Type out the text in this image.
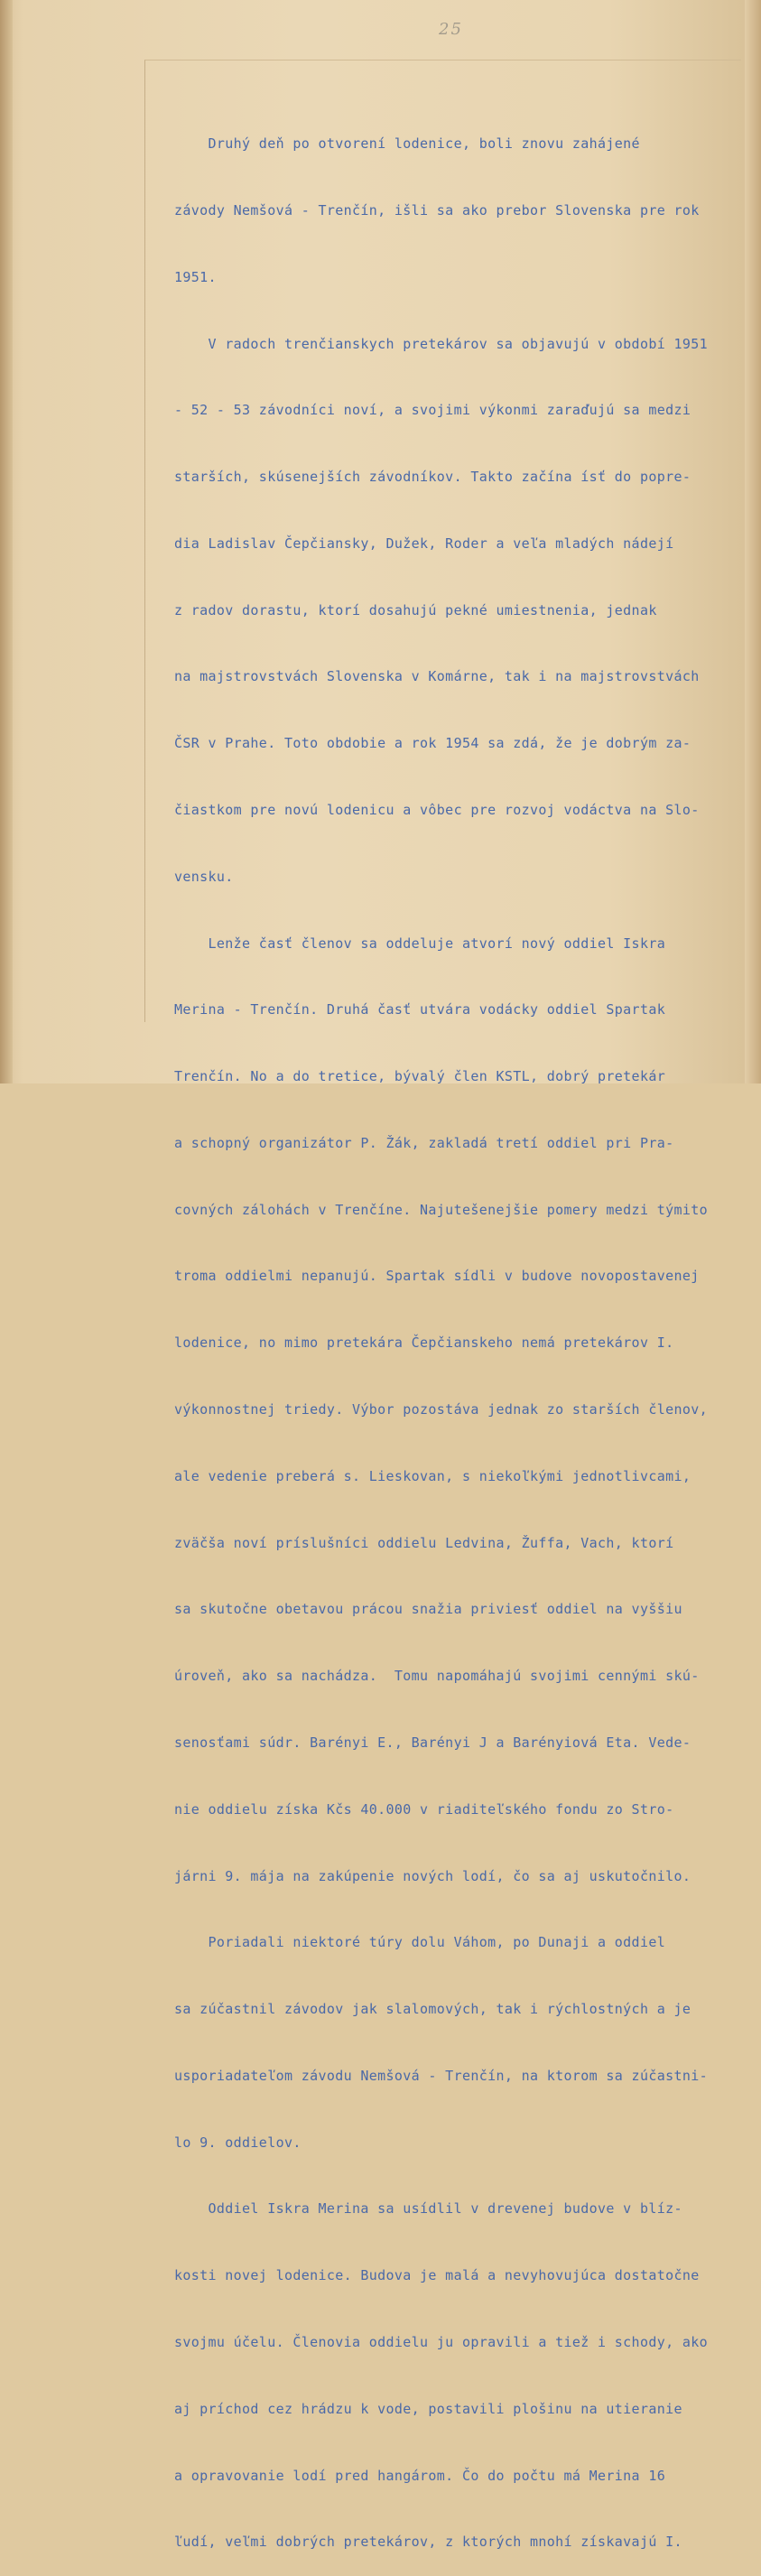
25

Druhý deň po otvorení lodenice, boli znovu zahájené

závody Nemšová - Trenčín, išli sa ako prebor Slovenska pre rok

1951.

V radoch trenčianskych pretekárov sa objavujú v období 1951

- 52 - 53 závodníci noví, a svojimi výkonmi zaraďujú sa medzi

starších, skúsenejších závodníkov. Takto začína ísť do popre-

dia Ladislav Čepčiansky, Dužek, Roder a veľa mladých nádejí

z radov dorastu, ktorí dosahujú pekné umiestnenia, jednak

na majstrovstvách Slovenska v Komárne, tak i na majstrovstvách

ČSR v Prahe. Toto obdobie a rok 1954 sa zdá, že je dobrým za-

čiastkom pre novú lodenicu a vôbec pre rozvoj vodáctva na Slo-

vensku.

Lenže časť členov sa oddeluje atvorí nový oddiel Iskra

Merina - Trenčín. Druhá časť utvára vodácky oddiel Spartak

Trenčín. No a do tretice, bývalý člen KSTL, dobrý pretekár

a schopný organizátor P. Žák, zakladá tretí oddiel pri Pra-

covných zálohách v Trenčíne. Najutešenejšie pomery medzi týmito

troma oddielmi nepanujú. Spartak sídli v budove novopostavenej

lodenice, no mimo pretekára Čepčianskeho nemá pretekárov I.

výkonnostnej triedy. Výbor pozostáva jednak zo starších členov,

ale vedenie preberá s. Lieskovan, s niekoľkými jednotlivcami,

zväčša noví príslušníci oddielu Ledvina, Žuffa, Vach, ktorí

sa skutočne obetavou prácou snažia priviesť oddiel na vyššiu

úroveň, ako sa nachádza.  Tomu napomáhajú svojimi cennými skú-

senosťami súdr. Barényi E., Barényi J a Barényiová Eta. Vede-

nie oddielu získa Kčs 40.000 v riaditeľského fondu zo Stro-

járni 9. mája na zakúpenie nových lodí, čo sa aj uskutočnilo.

Poriadali niektoré túry dolu Váhom, po Dunaji a oddiel

sa zúčastnil závodov jak slalomových, tak i rýchlostných a je

usporiadateľom závodu Nemšová - Trenčín, na ktorom sa zúčastni-

lo 9. oddielov.

Oddiel Iskra Merina sa usídlil v drevenej budove v blíz-

kosti novej lodenice. Budova je malá a nevyhovujúca dostatočne

svojmu účelu. Členovia oddielu ju opravili a tiež i schody, ako

aj príchod cez hrádzu k vode, postavili plošinu na utieranie

a opravovanie lodí pred hangárom. Čo do počtu má Merina 16

ľudí, veľmi dobrých pretekárov, z ktorých mnohí získavajú I.
